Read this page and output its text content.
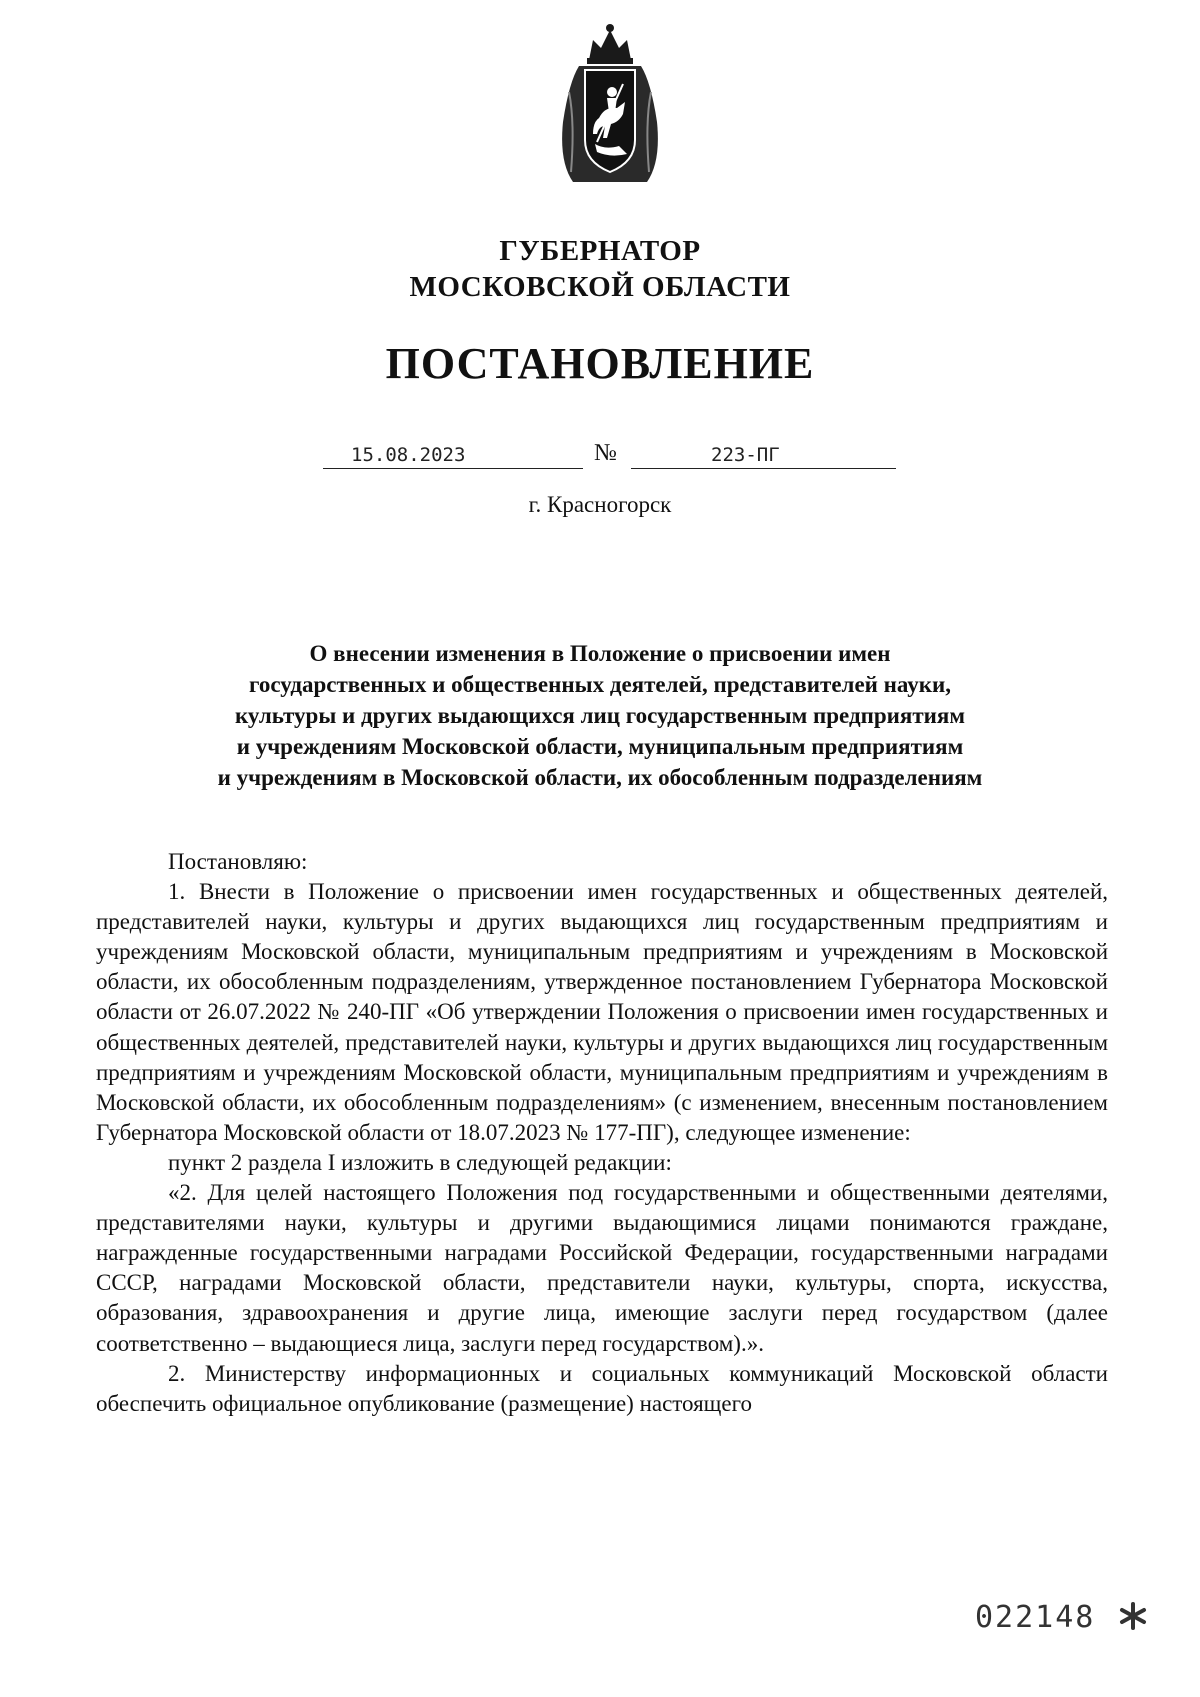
ГУБЕРНАТОР
МОСКОВСКОЙ ОБЛАСТИ
ПОСТАНОВЛЕНИЕ
15.08.2023	№	223-ПГ
г. Красногорск
О внесении изменения в Положение о присвоении имен
государственных и общественных деятелей, представителей науки,
культуры и других выдающихся лиц государственным предприятиям
и учреждениям Московской области, муниципальным предприятиям
и учреждениям в Московской области, их обособленным подразделениям

Постановляю:

1. Внести в Положение о присвоении имен государственных и общественных деятелей, представителей науки, культуры и других выдающихся лиц государственным предприятиям и учреждениям Московской области, муниципальным предприятиям и учреждениям в Московской области, их обособленным подразделениям, утвержденное постановлением Губернатора Московской области от 26.07.2022 № 240-ПГ «Об утверждении Положения о присвоении имен государственных и общественных деятелей, представителей науки, культуры и других выдающихся лиц государственным предприятиям и учреждениям Московской области, муниципальным предприятиям и учреждениям в Московской области, их обособленным подразделениям» (с изменением, внесенным постановлением Губернатора Московской области от 18.07.2023 № 177-ПГ), следующее изменение:

пункт 2 раздела I изложить в следующей редакции:

«2. Для целей настоящего Положения под государственными и общественными деятелями, представителями науки, культуры и другими выдающимися лицами понимаются граждане, награжденные государственными наградами Российской Федерации, государственными наградами СССР, наградами Московской области, представители науки, культуры, спорта, искусства, образования, здравоохранения и другие лица, имеющие заслуги перед государством (далее соответственно – выдающиеся лица, заслуги перед государством).».

2. Министерству информационных и социальных коммуникаций Московской области обеспечить официальное опубликование (размещение) настоящего

022148
